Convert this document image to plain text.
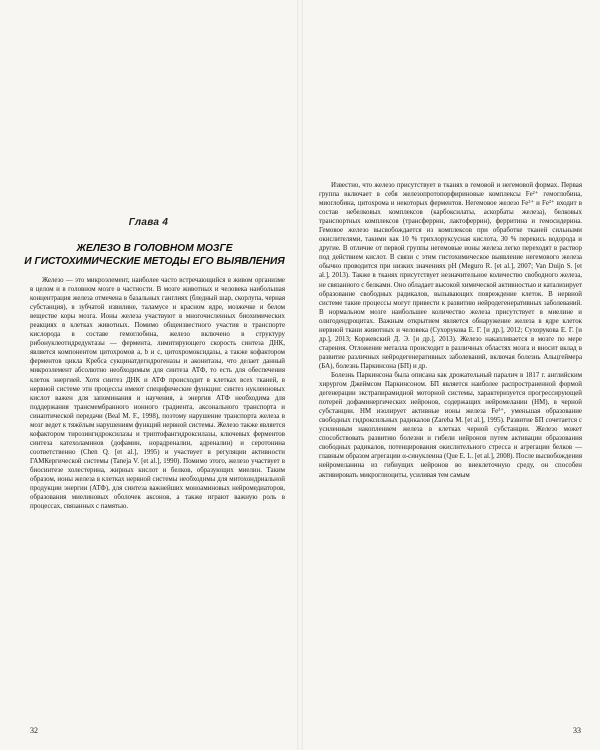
Глава 4
ЖЕЛЕЗО В ГОЛОВНОМ МОЗГЕ
И ГИСТОХИМИЧЕСКИЕ МЕТОДЫ ЕГО ВЫЯВЛЕНИЯ

Железо — это микроэлемент, наиболее часто встречающийся в живом организме в целом и в головном мозге в частности. В мозге животных и человека наибольшая концентрация железа отмечена в базальных ганглиях (бледный шар, скорлупа, черная субстанция), в зубчатой извилине, таламусе и красном ядре, мозжечке и белом веществе коры мозга. Ионы железа участвуют в многочисленных биохимических реакциях в клетках животных. Помимо общеизвестного участия в транспорте кислорода в составе гемоглобина, железо включено в структуру рибонуклеотидредуктазы — фермента, лимитирующего скорость синтеза ДНК, является компонентом цитохромов a, b и c, цитохромоксидазы, а также кофактором ферментов цикла Кребса сукцинатдегидрогеназы и аконитазы, что делает данный микроэлемент абсолютно необходимым для синтеза АТФ, то есть для обеспечения клеток энергией. Хотя синтез ДНК и АТФ происходит в клетках всех тканей, в нервной системе эти процессы имеют специфические функции: синтез нуклеиновых кислот важен для запоминания и научения, а энергия АТФ необходима для поддержания трансмембранного ионного градиента, аксонального транспорта и синаптической передачи (Beal M. F., 1998), поэтому нарушение транспорта железа в мозг ведет к тяжёлым нарушениям функций нервной системы. Железо также является кофактором тирозингидроксилазы и триптофангидроксилазы, ключевых ферментов синтеза катехоламинов (дофамин, норадреналин, адреналин) и серотонина соответственно (Chen Q. [et al.], 1995) и участвует в регуляции активности ГАМКергической системы (Taneja V. [et al.], 1990). Помимо этого, железо участвует в биосинтезе холестерина, жирных кислот и белков, образующих миелин. Таким образом, ионы железа в клетках нервной системы необходимы для митохондриальной продукции энергии (АТФ), для синтеза важнейших моноаминовых нейромедиаторов, образования миелиновых оболочек аксонов, а также играют важную роль в процессах, связанных с памятью.

32

Известно, что железо присутствует в тканях в гемовой и негемовой формах. Первая группа включает в себя железопротопорфириновые комплексы Fe²⁺ гемоглобина, миоглобина, цитохрома и некоторых ферментов. Негемовое железо Fe²⁺ и Fe³⁺ входит в состав небелковых комплексов (карбоксилаты, аскорбаты железа), белковых транспортных комплексов (трансферрин, лактоферрин), ферритина и гемосидерина. Гемовое железо высвобождается из комплексов при обработке тканей сильными окислителями, такими как 10 % трихлоруксусная кислота, 30 % перекись водорода и другие. В отличие от первой группы негемовые ионы железа легко переходят в раствор под действием кислот. В связи с этим гистохимическое выявление негемового железа обычно проводится при низких значениях pH (Meguro R. [et al.], 2007; Van Duijn S. [et al.], 2013). Также в тканях присутствует незначительное количество свободного железа, не связанного с белками. Оно обладает высокой химической активностью и катализирует образование свободных радикалов, вызывающих повреждение клеток. В нервной системе такие процессы могут привести к развитию нейродегенеративных заболеваний. В нормальном мозге наибольшее количество железа присутствует в миелине и олигодендроцитах. Важным открытием является обнаружение железа в ядре клеток нервной ткани животных и человека (Сухорукова Е. Г. [и др.], 2012; Сухорукова Е. Г. [и др.], 2013; Коржевский Д. Э. [и др.], 2013). Железо накапливается в мозге по мере старения. Отложение металла происходит в различных областях мозга и вносит вклад в развитие различных нейродегенеративных заболеваний, включая болезнь Альцгеймера (БА), болезнь Паркинсона (БП) и др.

Болезнь Паркинсона была описана как дрожательный паралич в 1817 г. английским хирургом Джеймсом Паркинсоном. БП является наиболее распространенной формой дегенерации экстрапирамидной моторной системы, характеризуется прогрессирующей потерей дофаминергических нейронов, содержащих нейромеланин (НМ), в черной субстанции. НМ изолирует активные ионы железа Fe³⁺, уменьшая образование свободных гидроксильных радикалов (Zareba M. [et al.], 1995). Развитие БП сочетается с усиленным накоплением железа в клетках черной субстанции. Железо может способствовать развитию болезни и гибели нейронов путем активации образования свободных радикалов, потенцирования окислительного стресса и агрегации белков — главным образом агрегации α-синуклеина (Que E. L. [et al.], 2008). После высвобождения нейромеланина из гибнущих нейронов во внеклеточную среду, он способен активировать микроглиоциты, усиливая тем самым

33
